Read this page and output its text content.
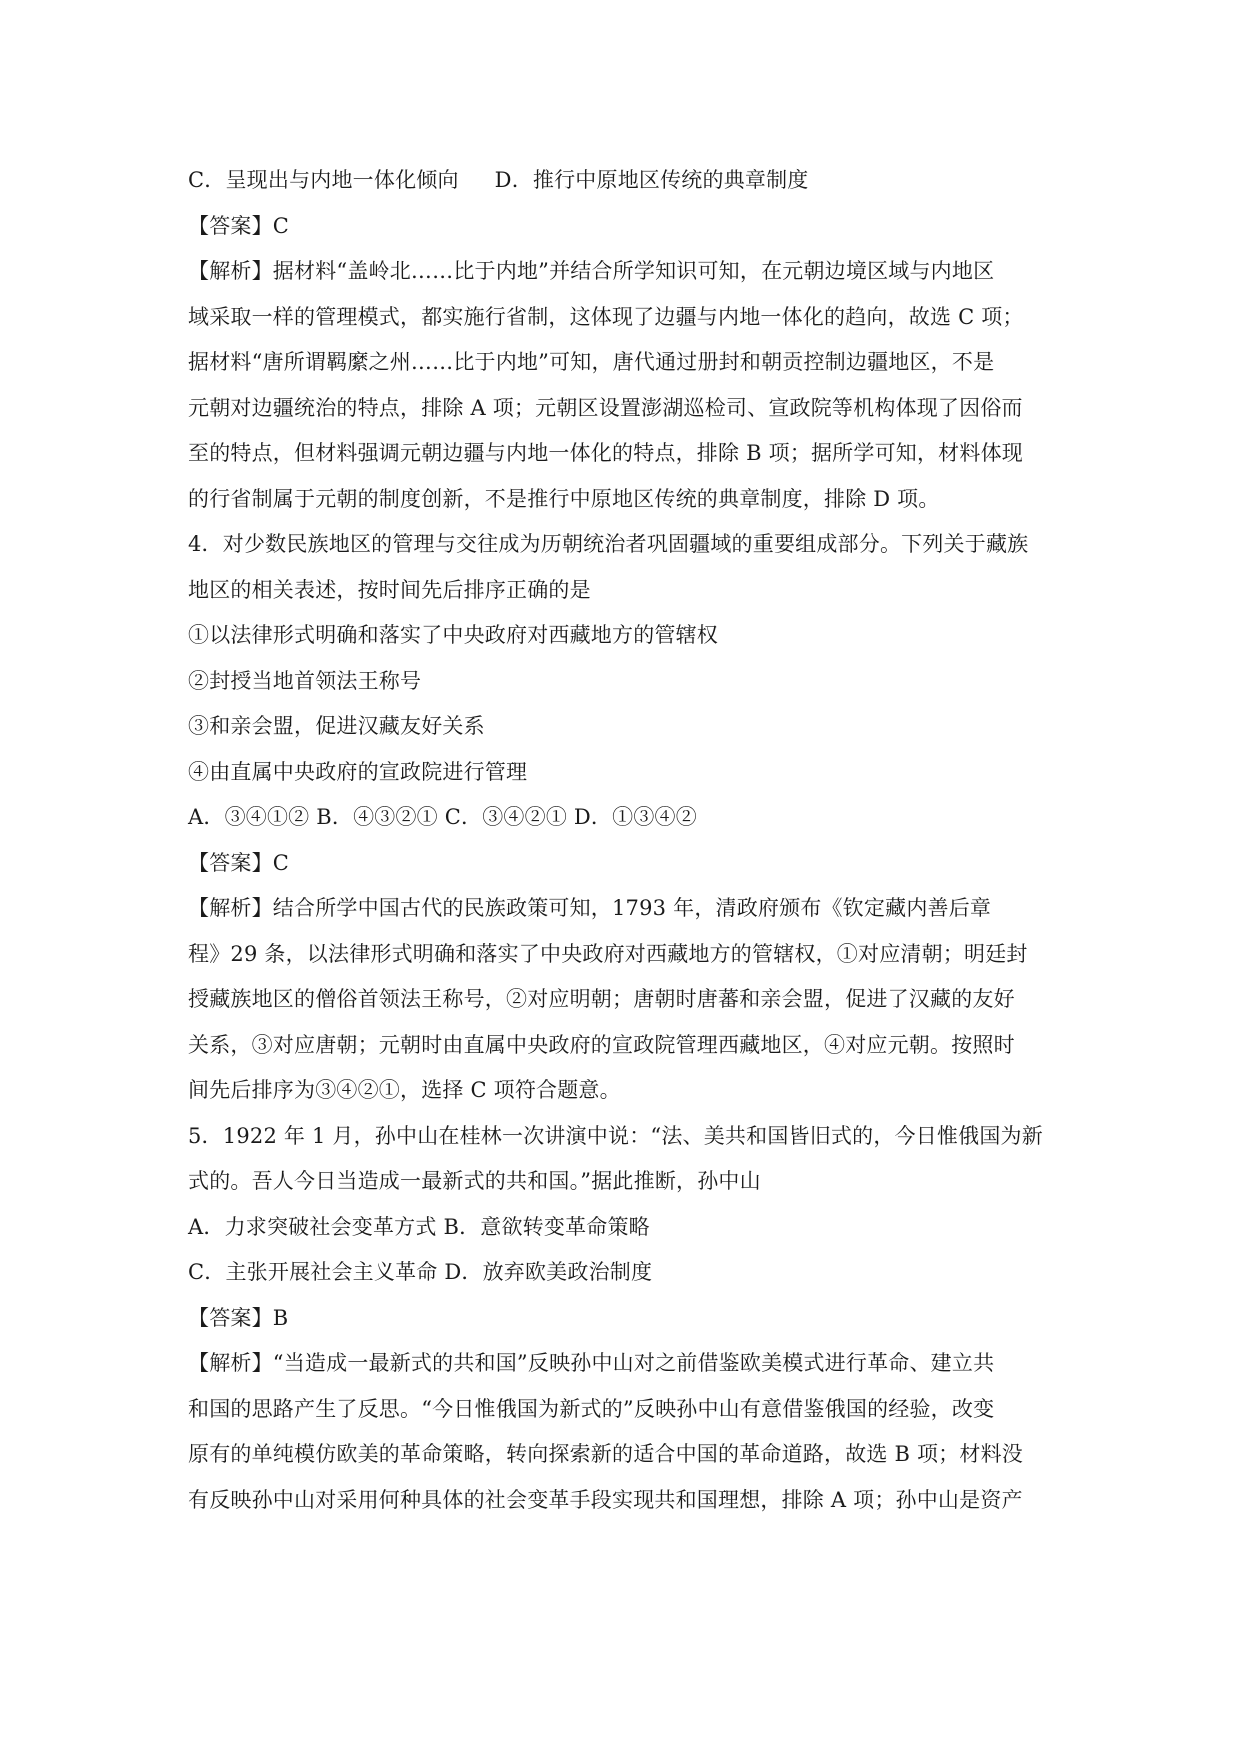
C．呈现出与内地一体化倾向 D．推行中原地区传统的典章制度
【答案】C
【解析】据材料“盖岭北……比于内地”并结合所学知识可知，在元朝边境区域与内地区
域采取一样的管理模式，都实施行省制，这体现了边疆与内地一体化的趋向，故选 C 项；
据材料“唐所谓羁縻之州……比于内地”可知，唐代通过册封和朝贡控制边疆地区，不是
元朝对边疆统治的特点，排除 A 项；元朝区设置澎湖巡检司、宣政院等机构体现了因俗而
至的特点，但材料强调元朝边疆与内地一体化的特点，排除 B 项；据所学可知，材料体现
的行省制属于元朝的制度创新，不是推行中原地区传统的典章制度，排除 D 项。
4．对少数民族地区的管理与交往成为历朝统治者巩固疆域的重要组成部分。下列关于藏族
地区的相关表述，按时间先后排序正确的是
①以法律形式明确和落实了中央政府对西藏地方的管辖权
②封授当地首领法王称号
③和亲会盟，促进汉藏友好关系
④由直属中央政府的宣政院进行管理
A．③④①② B．④③②① C．③④②① D．①③④②
【答案】C
【解析】结合所学中国古代的民族政策可知，1793 年，清政府颁布《钦定藏内善后章
程》29 条，以法律形式明确和落实了中央政府对西藏地方的管辖权，①对应清朝；明廷封
授藏族地区的僧俗首领法王称号，②对应明朝；唐朝时唐蕃和亲会盟，促进了汉藏的友好
关系，③对应唐朝；元朝时由直属中央政府的宣政院管理西藏地区，④对应元朝。按照时
间先后排序为③④②①，选择 C 项符合题意。
5．1922 年 1 月，孙中山在桂林一次讲演中说：“法、美共和国皆旧式的，今日惟俄国为新
式的。吾人今日当造成一最新式的共和国。”据此推断，孙中山
A．力求突破社会变革方式 B．意欲转变革命策略
C．主张开展社会主义革命 D．放弃欧美政治制度
【答案】B
【解析】“当造成一最新式的共和国”反映孙中山对之前借鉴欧美模式进行革命、建立共
和国的思路产生了反思。“今日惟俄国为新式的”反映孙中山有意借鉴俄国的经验，改变
原有的单纯模仿欧美的革命策略，转向探索新的适合中国的革命道路，故选 B 项；材料没
有反映孙中山对采用何种具体的社会变革手段实现共和国理想，排除 A 项；孙中山是资产
